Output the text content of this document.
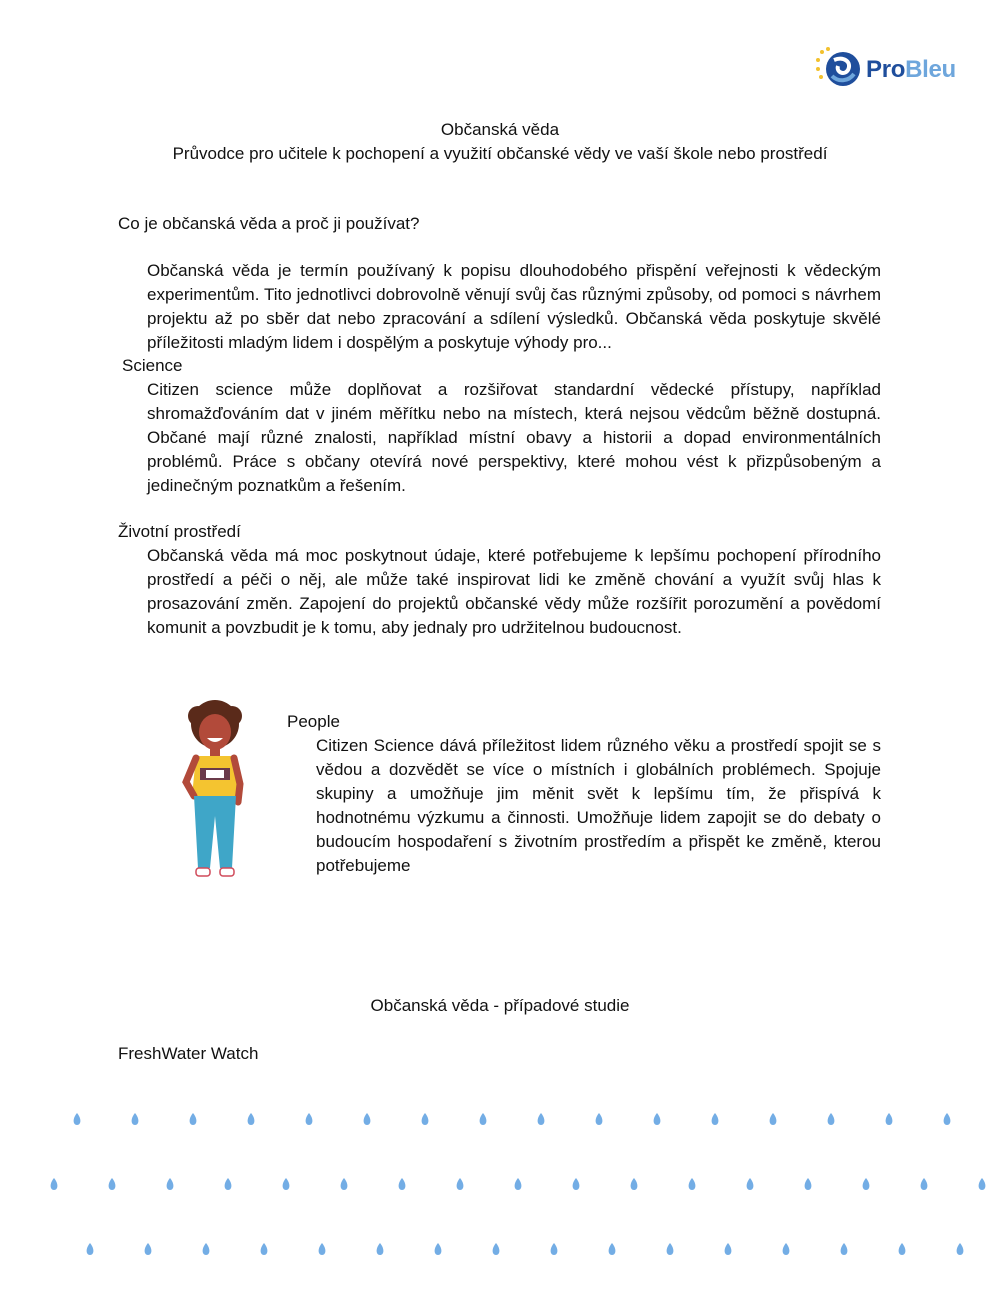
ProBleu
Občanská věda
Průvodce pro učitele k pochopení a využití občanské vědy ve vaší škole nebo prostředí
Co je občanská věda a proč ji používat?
Občanská věda je termín používaný k popisu dlouhodobého přispění veřejnosti k vědeckým experimentům. Tito jednotlivci dobrovolně věnují svůj čas různými způsoby, od pomoci s návrhem projektu až po sběr dat nebo zpracování a sdílení výsledků. Občanská věda poskytuje skvělé příležitosti mladým lidem i dospělým a poskytuje výhody pro...
Science
Citizen science může doplňovat a rozšiřovat standardní vědecké přístupy, například shromažďováním dat v jiném měřítku nebo na místech, která nejsou vědcům běžně dostupná. Občané mají různé znalosti, například místní obavy a historii a dopad environmentálních problémů. Práce s občany otevírá nové perspektivy, které mohou vést k přizpůsobeným a jedinečným poznatkům a řešením.
Životní prostředí
Občanská věda má moc poskytnout údaje, které potřebujeme k lepšímu pochopení přírodního prostředí a péči o něj, ale může také inspirovat lidi ke změně chování a využít svůj hlas k prosazování změn. Zapojení do projektů občanské vědy může rozšířit porozumění a povědomí komunit a povzbudit je k tomu, aby jednaly pro udržitelnou budoucnost.
People
Citizen Science dává příležitost lidem různého věku a prostředí spojit se s vědou a dozvědět se více o místních i globálních problémech. Spojuje skupiny a umožňuje jim měnit svět k lepšímu tím, že přispívá k hodnotnému výzkumu a činnosti. Umožňuje lidem zapojit se do debaty o budoucím hospodaření s životním prostředím a přispět ke změně, kterou potřebujeme
Občanská věda - případové studie
FreshWater Watch
